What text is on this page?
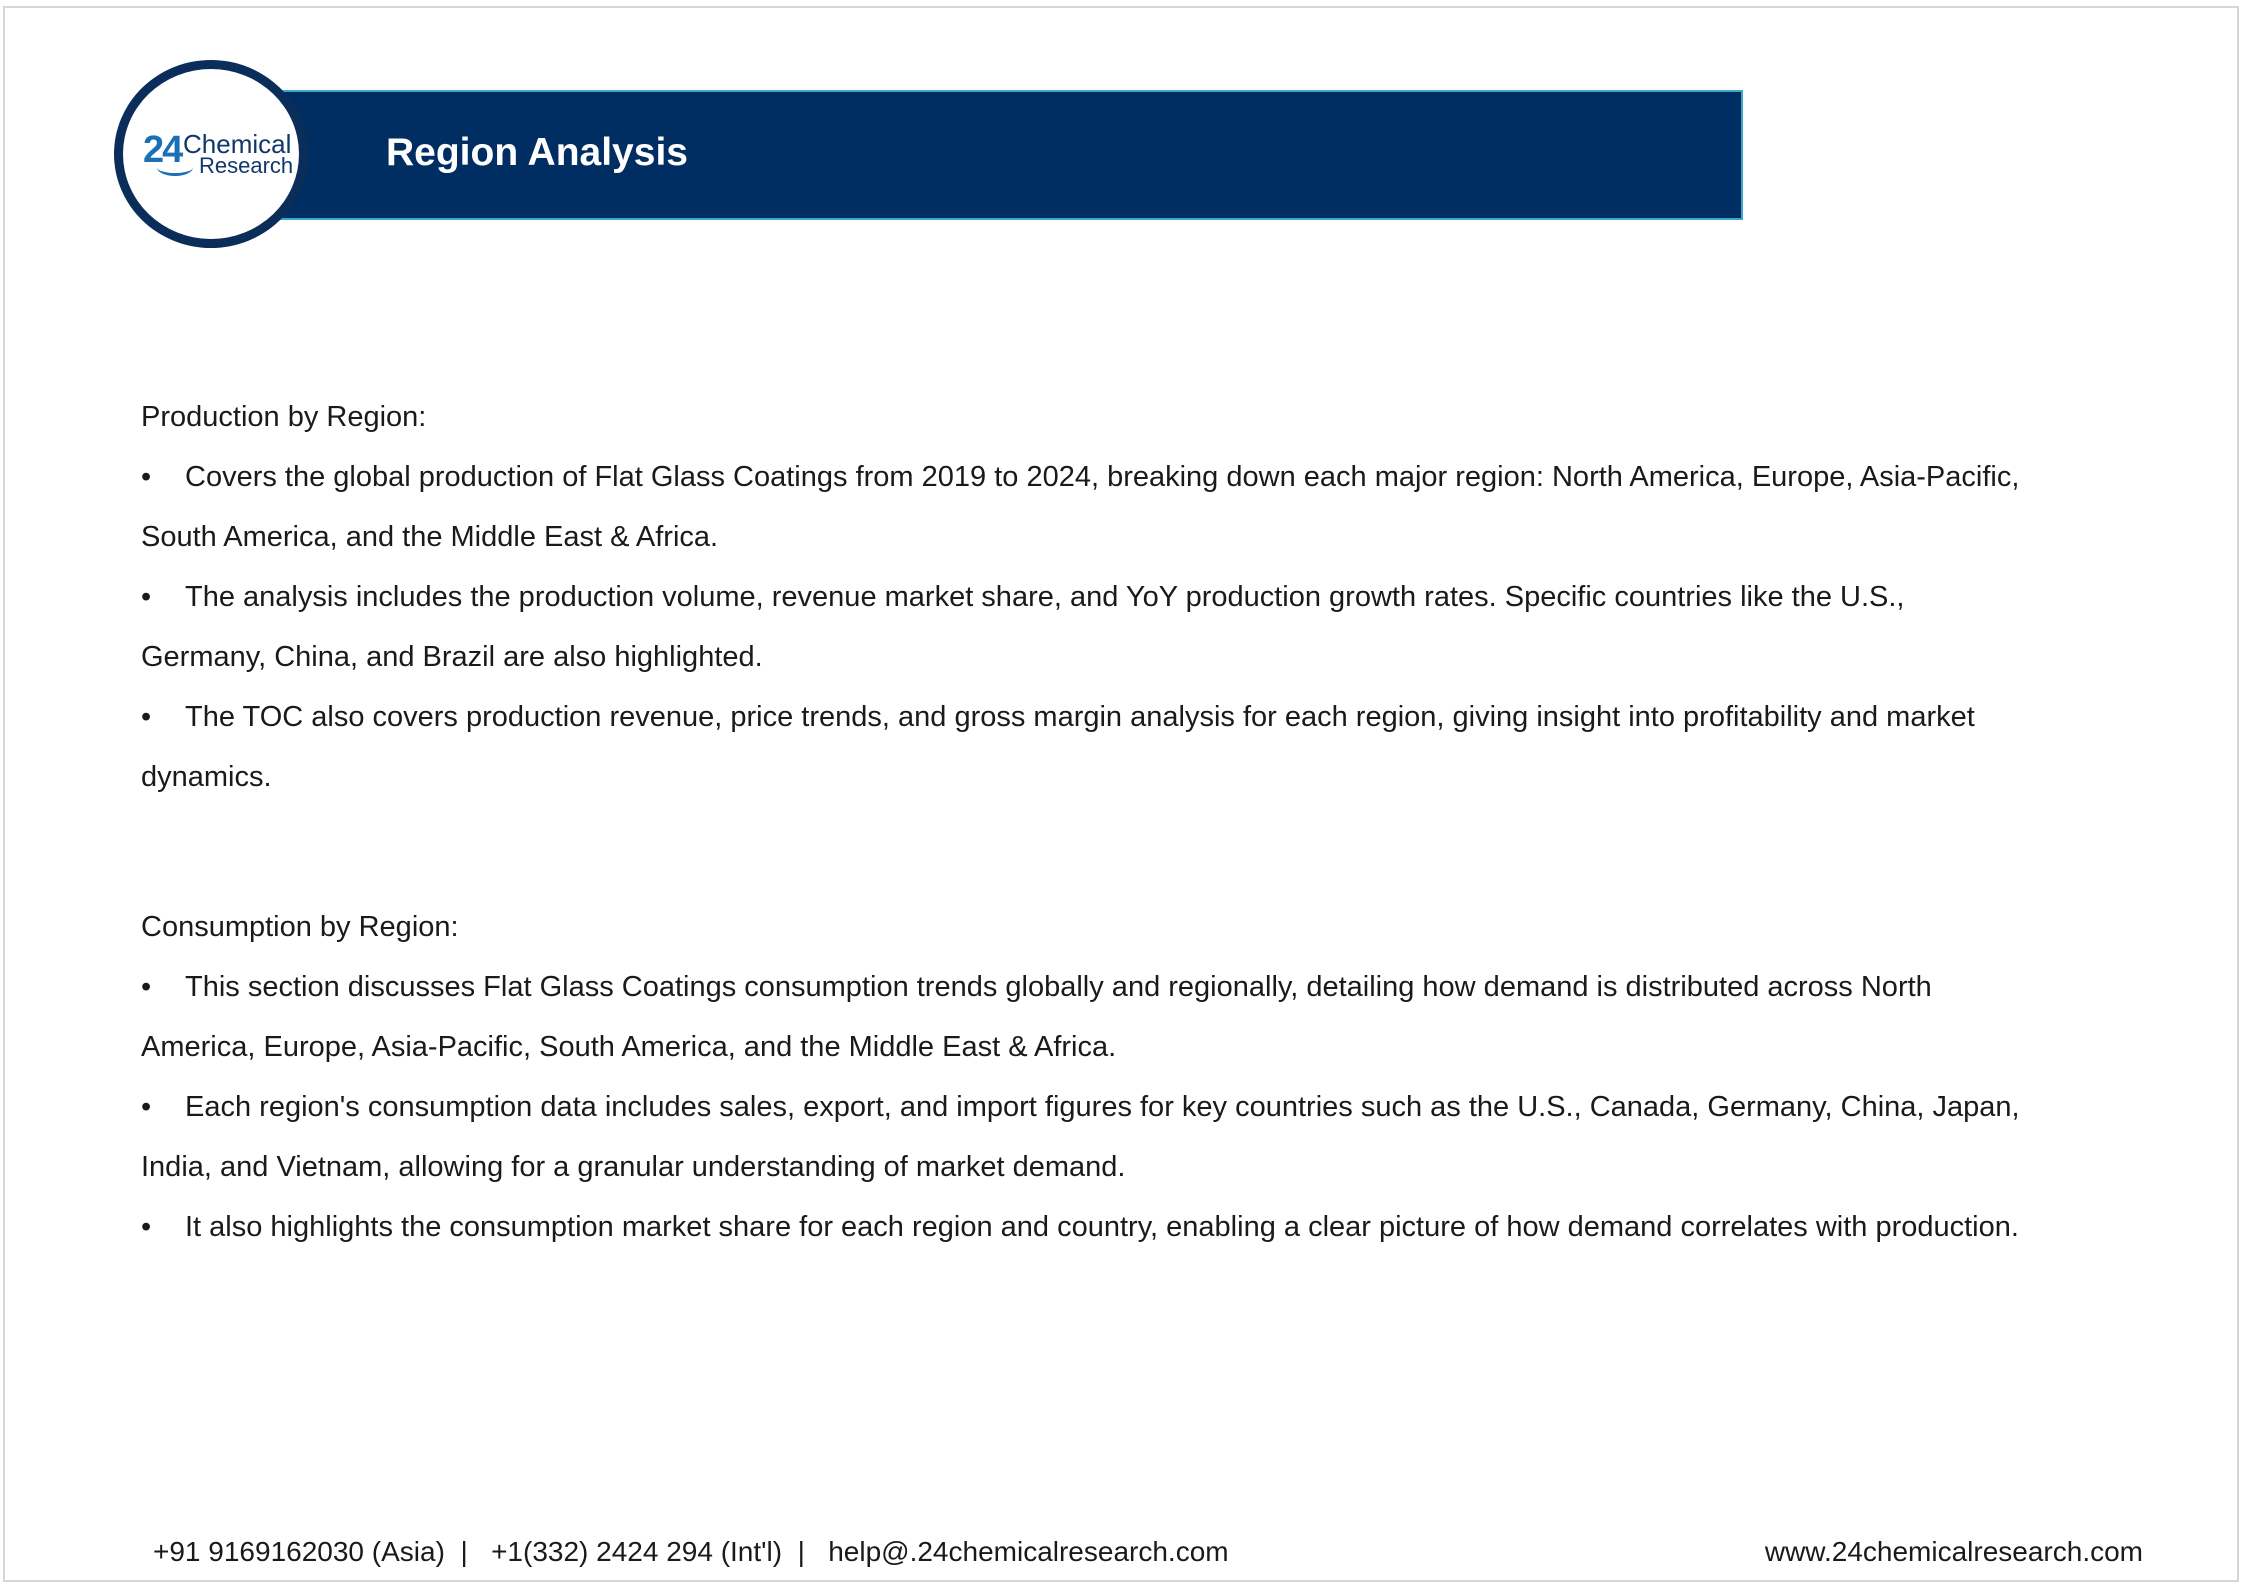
Region Analysis
24 Chemical
Research

Production by Region:

• Covers the global production of Flat Glass Coatings from 2019 to 2024, breaking down each major region: North America, Europe, Asia-Pacific, South America, and the Middle East & Africa.

• The analysis includes the production volume, revenue market share, and YoY production growth rates. Specific countries like the U.S., Germany, China, and Brazil are also highlighted.

• The TOC also covers production revenue, price trends, and gross margin analysis for each region, giving insight into profitability and market dynamics.

Consumption by Region:

• This section discusses Flat Glass Coatings consumption trends globally and regionally, detailing how demand is distributed across North America, Europe, Asia-Pacific, South America, and the Middle East & Africa.

• Each region's consumption data includes sales, export, and import figures for key countries such as the U.S., Canada, Germany, China, Japan, India, and Vietnam, allowing for a granular understanding of market demand.

• It also highlights the consumption market share for each region and country, enabling a clear picture of how demand correlates with production.

+91 9169162030 (Asia)  |   +1(332) 2424 294 (Int'l)  |   help@.24chemicalresearch.com	www.24chemicalresearch.com
